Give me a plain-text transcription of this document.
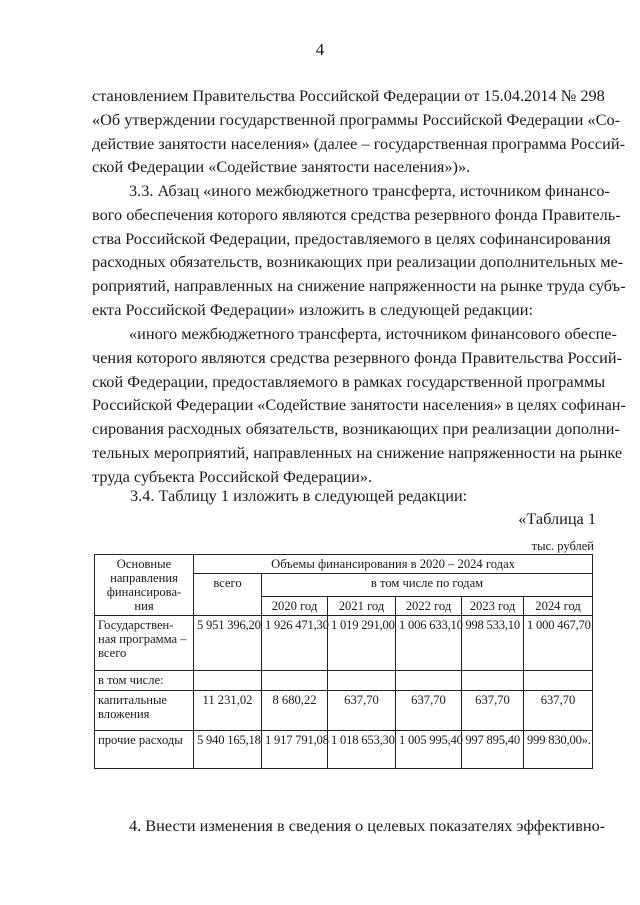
4
становлением Правительства Российской Федерации от 15.04.2014 № 298
«Об утверждении государственной программы Российской Федерации «Со-
действие занятости населения» (далее – государственная программа Россий-
ской Федерации «Содействие занятости населения»)».
3.3. Абзац «иного межбюджетного трансферта, источником финансо-
вого обеспечения которого являются средства резервного фонда Правитель-
ства Российской Федерации, предоставляемого в целях софинансирования
расходных обязательств, возникающих при реализации дополнительных ме-
роприятий, направленных на снижение напряженности на рынке труда субъ-
екта Российской Федерации» изложить в следующей редакции:
«иного межбюджетного трансферта, источником финансового обеспе-
чения которого являются средства резервного фонда Правительства Россий-
ской Федерации, предоставляемого в рамках государственной программы
Российской Федерации «Содействие занятости населения» в целях софинан-
сирования расходных обязательств, возникающих при реализации дополни-
тельных мероприятий, направленных на снижение напряженности на рынке
труда субъекта Российской Федерации».
3.4. Таблицу 1 изложить в следующей редакции:
«Таблица 1
тыс. рублей
Основные направления финансирова-ния	Объемы финансирования в 2020 – 2024 годах					
	всего	в том числе по годам				
		2020 год	2021 год	2022 год	2023 год	2024 год
Государствен-ная программа – всего	5 951 396,20	1 926 471,30	1 019 291,00	1 006 633,10	998 533,10	1 000 467,70
в том числе:						
капитальные вложения	11 231,02	8 680,22	637,70	637,70	637,70	637,70
прочие расходы	5 940 165,18	1 917 791,08	1 018 653,30	1 005 995,40	997 895,40	999 830,00».
4. Внести изменения в сведения о целевых показателях эффективно-
